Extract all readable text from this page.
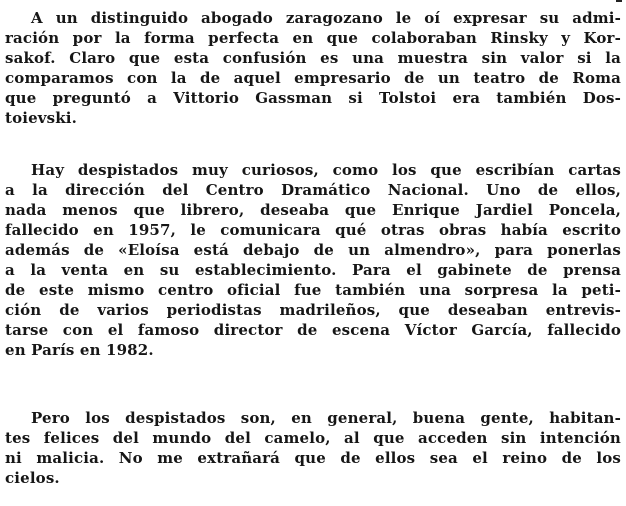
A un distinguido abogado zaragozano le oí expresar su admi-
ración por la forma perfecta en que colaboraban Rinsky y Kor-
sakof. Claro que esta confusión es una muestra sin valor si la
comparamos con la de aquel empresario de un teatro de Roma
que preguntó a Vittorio Gassman si Tolstoi era también Dos-
toievski.
Hay despistados muy curiosos, como los que escribían cartas
a la dirección del Centro Dramático Nacional. Uno de ellos,
nada menos que librero, deseaba que Enrique Jardiel Poncela,
fallecido en 1957, le comunicara qué otras obras había escrito
además de «Eloísa está debajo de un almendro», para ponerlas
a la venta en su establecimiento. Para el gabinete de prensa
de este mismo centro oficial fue también una sorpresa la peti-
ción de varios periodistas madrileños, que deseaban entrevis-
tarse con el famoso director de escena Víctor García, fallecido
en París en 1982.
Pero los despistados son, en general, buena gente, habitan-
tes felices del mundo del camelo, al que acceden sin intención
ni malicia. No me extrañará que de ellos sea el reino de los
cielos.
